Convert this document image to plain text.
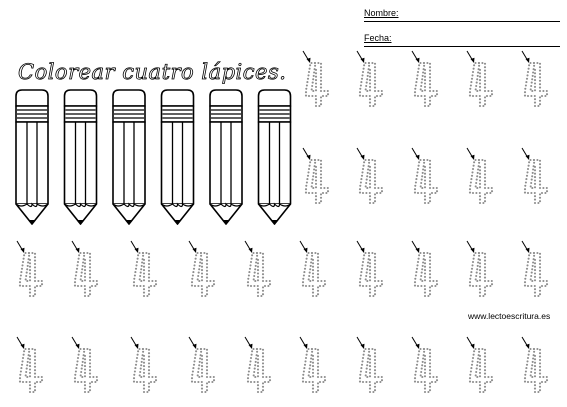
Nombre:
Fecha:
Colorear cuatro lápices.
www.lectoescritura.es
